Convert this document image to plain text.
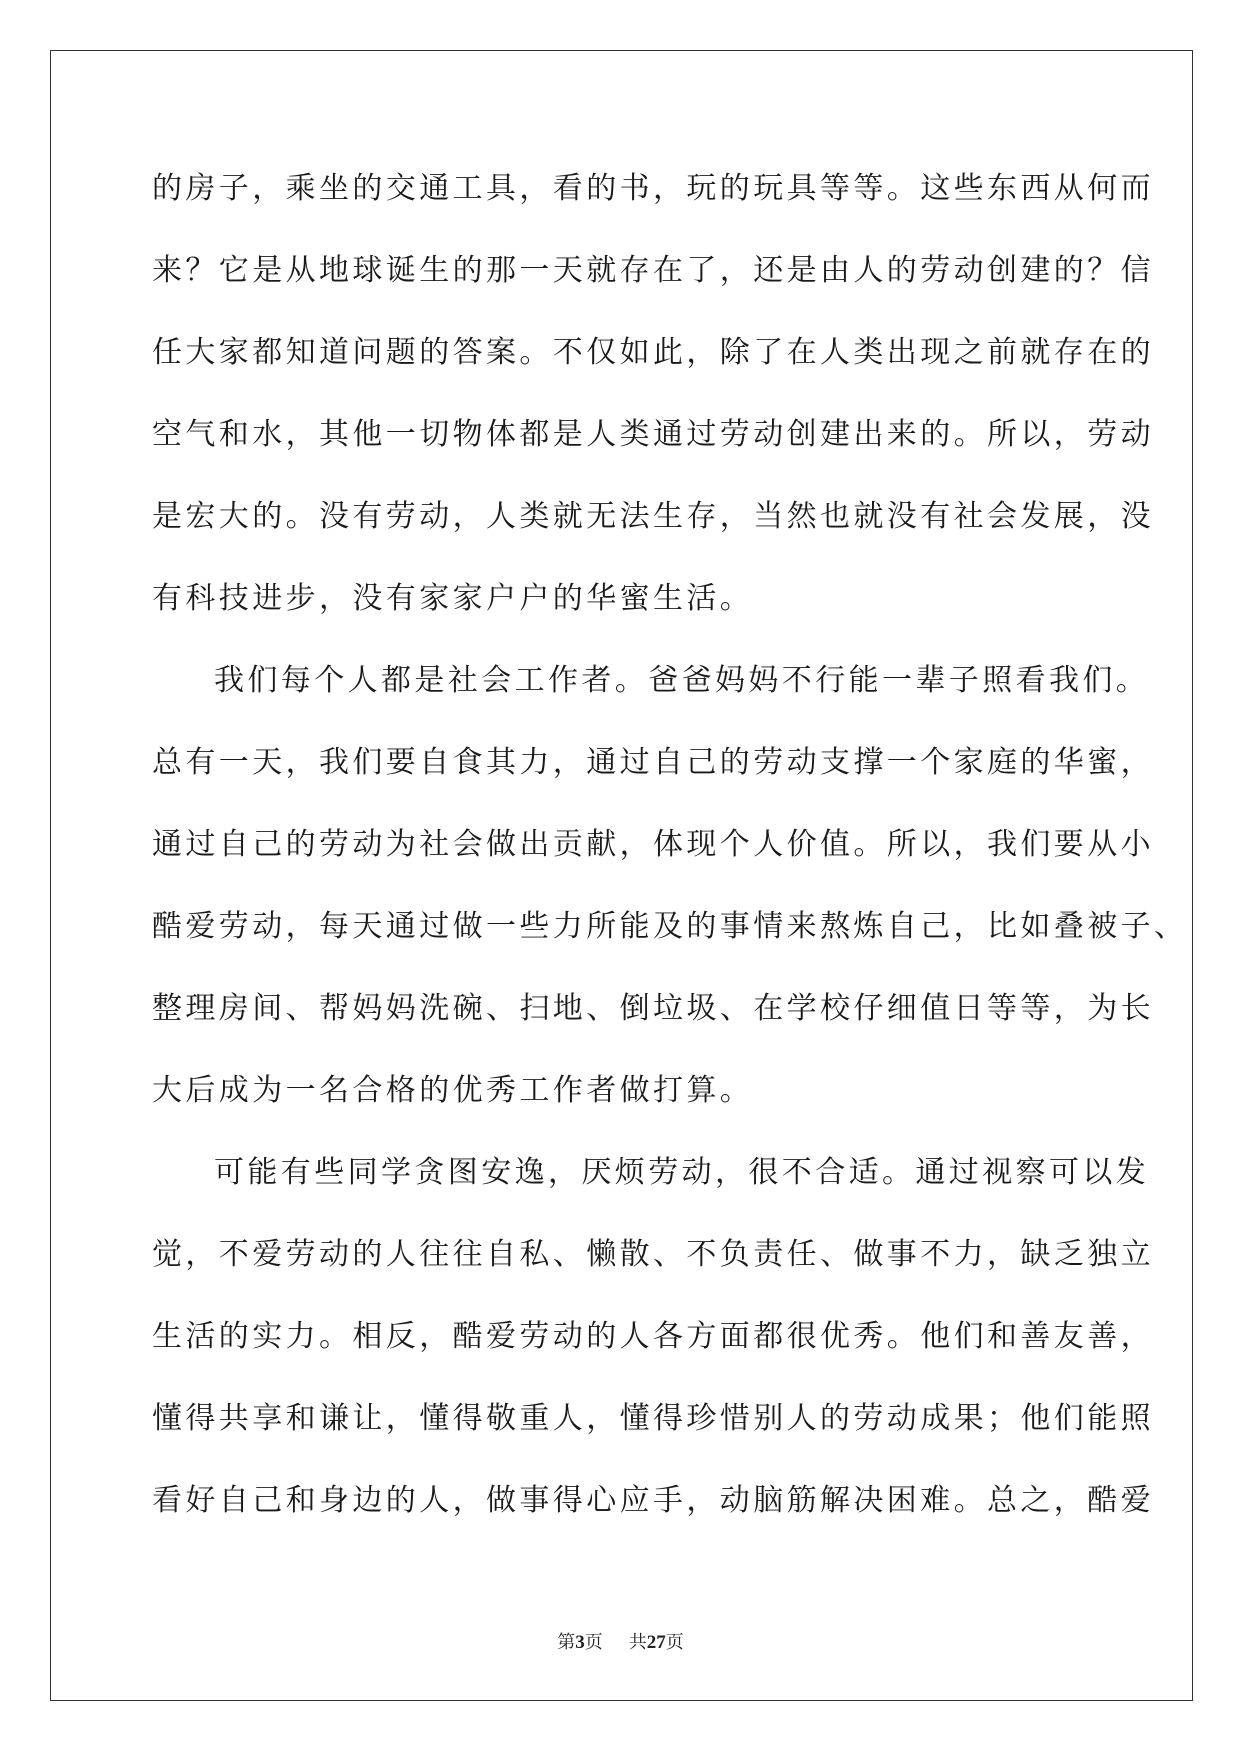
的房子，乘坐的交通工具，看的书，玩的玩具等等。这些东西从何而
来？它是从地球诞生的那一天就存在了，还是由人的劳动创建的？信
任大家都知道问题的答案。不仅如此，除了在人类出现之前就存在的
空气和水，其他一切物体都是人类通过劳动创建出来的。所以，劳动
是宏大的。没有劳动，人类就无法生存，当然也就没有社会发展，没
有科技进步，没有家家户户的华蜜生活。
我们每个人都是社会工作者。爸爸妈妈不行能一辈子照看我们。
总有一天，我们要自食其力，通过自己的劳动支撑一个家庭的华蜜，
通过自己的劳动为社会做出贡献，体现个人价值。所以，我们要从小
酷爱劳动，每天通过做一些力所能及的事情来熬炼自己，比如叠被子、
整理房间、帮妈妈洗碗、扫地、倒垃圾、在学校仔细值日等等，为长
大后成为一名合格的优秀工作者做打算。
可能有些同学贪图安逸，厌烦劳动，很不合适。通过视察可以发
觉，不爱劳动的人往往自私、懒散、不负责任、做事不力，缺乏独立
生活的实力。相反，酷爱劳动的人各方面都很优秀。他们和善友善，
懂得共享和谦让，懂得敬重人，懂得珍惜别人的劳动成果；他们能照
看好自己和身边的人，做事得心应手，动脑筋解决困难。总之，酷爱
第3页 共27页
